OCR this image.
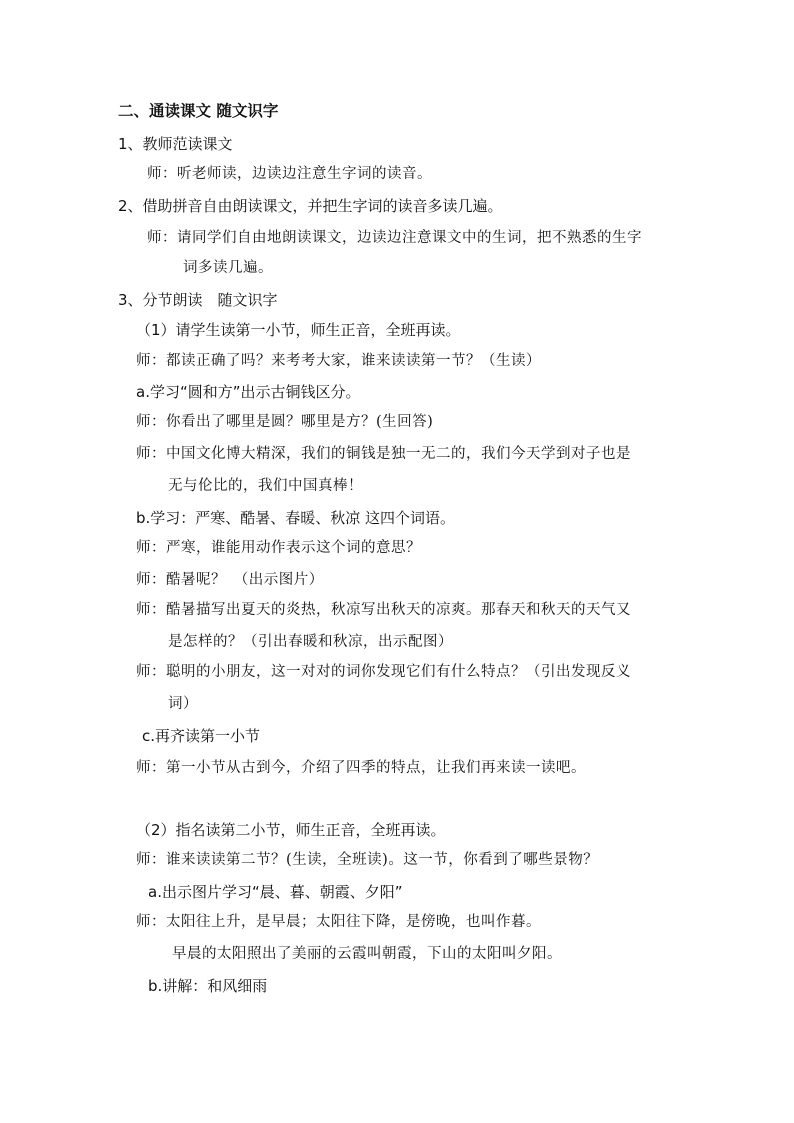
二、通读课文 随文识字
1、教师范读课文
师：听老师读，边读边注意生字词的读音。
2、借助拼音自由朗读课文，并把生字词的读音多读几遍。
师：请同学们自由地朗读课文，边读边注意课文中的生词，把不熟悉的生字
词多读几遍。
3、分节朗读　随文识字
（1）请学生读第一小节，师生正音，全班再读。
师：都读正确了吗？来考考大家，谁来读读第一节？（生读）
a.学习“圆和方”出示古铜钱区分。
师：你看出了哪里是圆？哪里是方？(生回答)
师：中国文化博大精深，我们的铜钱是独一无二的，我们今天学到对子也是
无与伦比的，我们中国真棒！
b.学习：严寒、酷暑、春暖、秋凉 这四个词语。
师：严寒，谁能用动作表示这个词的意思？
师：酷暑呢？　（出示图片）
师：酷暑描写出夏天的炎热，秋凉写出秋天的凉爽。那春天和秋天的天气又
是怎样的？（引出春暖和秋凉，出示配图）
师：聪明的小朋友，这一对对的词你发现它们有什么特点？（引出发现反义
词）
c.再齐读第一小节
师：第一小节从古到今，介绍了四季的特点，让我们再来读一读吧。
（2）指名读第二小节，师生正音，全班再读。
师：谁来读读第二节？(生读，全班读)。这一节，你看到了哪些景物？
a.出示图片学习“晨、暮、朝霞、夕阳”
师：太阳往上升，是早晨；太阳往下降，是傍晚，也叫作暮。
早晨的太阳照出了美丽的云霞叫朝霞，下山的太阳叫夕阳。
b.讲解：和风细雨
